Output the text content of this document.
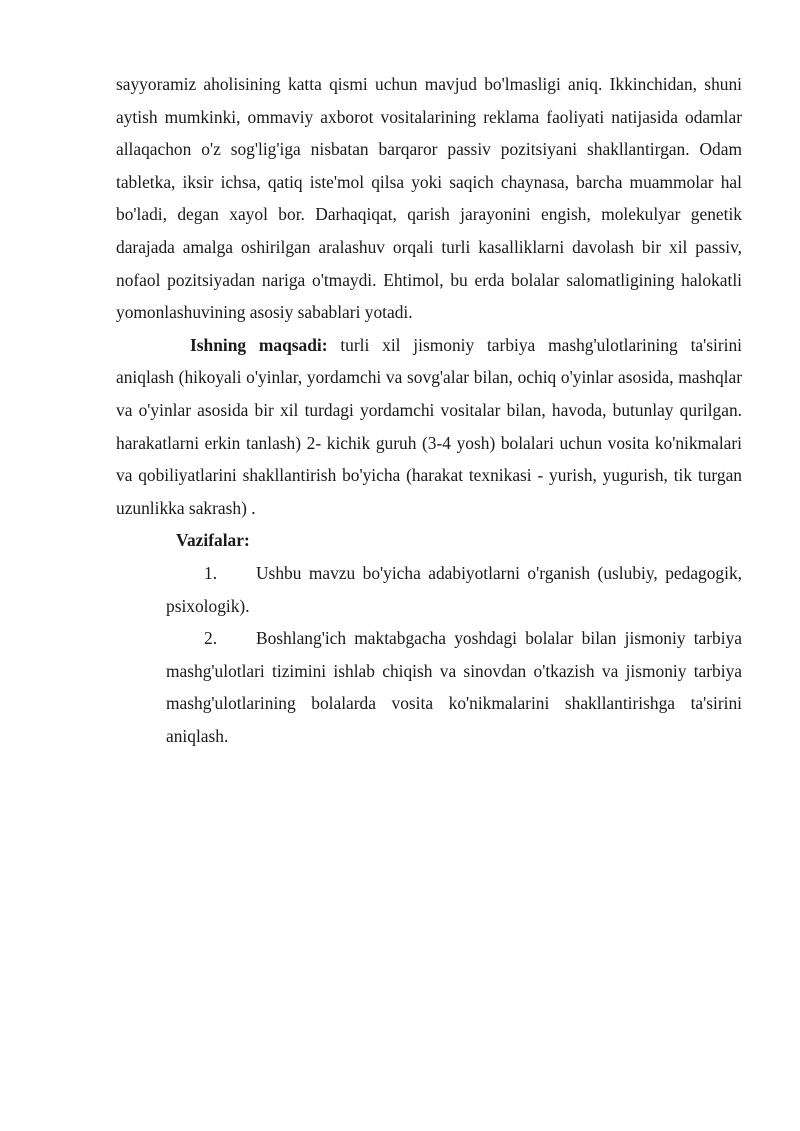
sayyoramiz aholisining katta qismi uchun mavjud bo'lmasligi aniq. Ikkinchidan, shuni aytish mumkinki, ommaviy axborot vositalarining reklama faoliyati natijasida odamlar allaqachon o'z sog'lig'iga nisbatan barqaror passiv pozitsiyani shakllantirgan. Odam tabletka, iksir ichsa, qatiq iste'mol qilsa yoki saqich chaynasa, barcha muammolar hal bo'ladi, degan xayol bor. Darhaqiqat, qarish jarayonini engish, molekulyar genetik darajada amalga oshirilgan aralashuv orqali turli kasalliklarni davolash bir xil passiv, nofaol pozitsiyadan nariga o'tmaydi. Ehtimol, bu erda bolalar salomatligining halokatli yomonlashuvining asosiy sabablari yotadi.

Ishning maqsadi: turli xil jismoniy tarbiya mashg'ulotlarining ta'sirini aniqlash (hikoyali o'yinlar, yordamchi va sovg'alar bilan, ochiq o'yinlar asosida, mashqlar va o'yinlar asosida bir xil turdagi yordamchi vositalar bilan, havoda, butunlay qurilgan. harakatlarni erkin tanlash) 2- kichik guruh (3-4 yosh) bolalari uchun vosita ko'nikmalari va qobiliyatlarini shakllantirish bo'yicha (harakat texnikasi - yurish, yugurish, tik turgan uzunlikka sakrash) .

Vazifalar:

1. Ushbu mavzu bo'yicha adabiyotlarni o'rganish (uslubiy, pedagogik, psixologik).

2. Boshlang'ich maktabgacha yoshdagi bolalar bilan jismoniy tarbiya mashg'ulotlari tizimini ishlab chiqish va sinovdan o'tkazish va jismoniy tarbiya mashg'ulotlarining bolalarda vosita ko'nikmalarini shakllantirishga ta'sirini aniqlash.
